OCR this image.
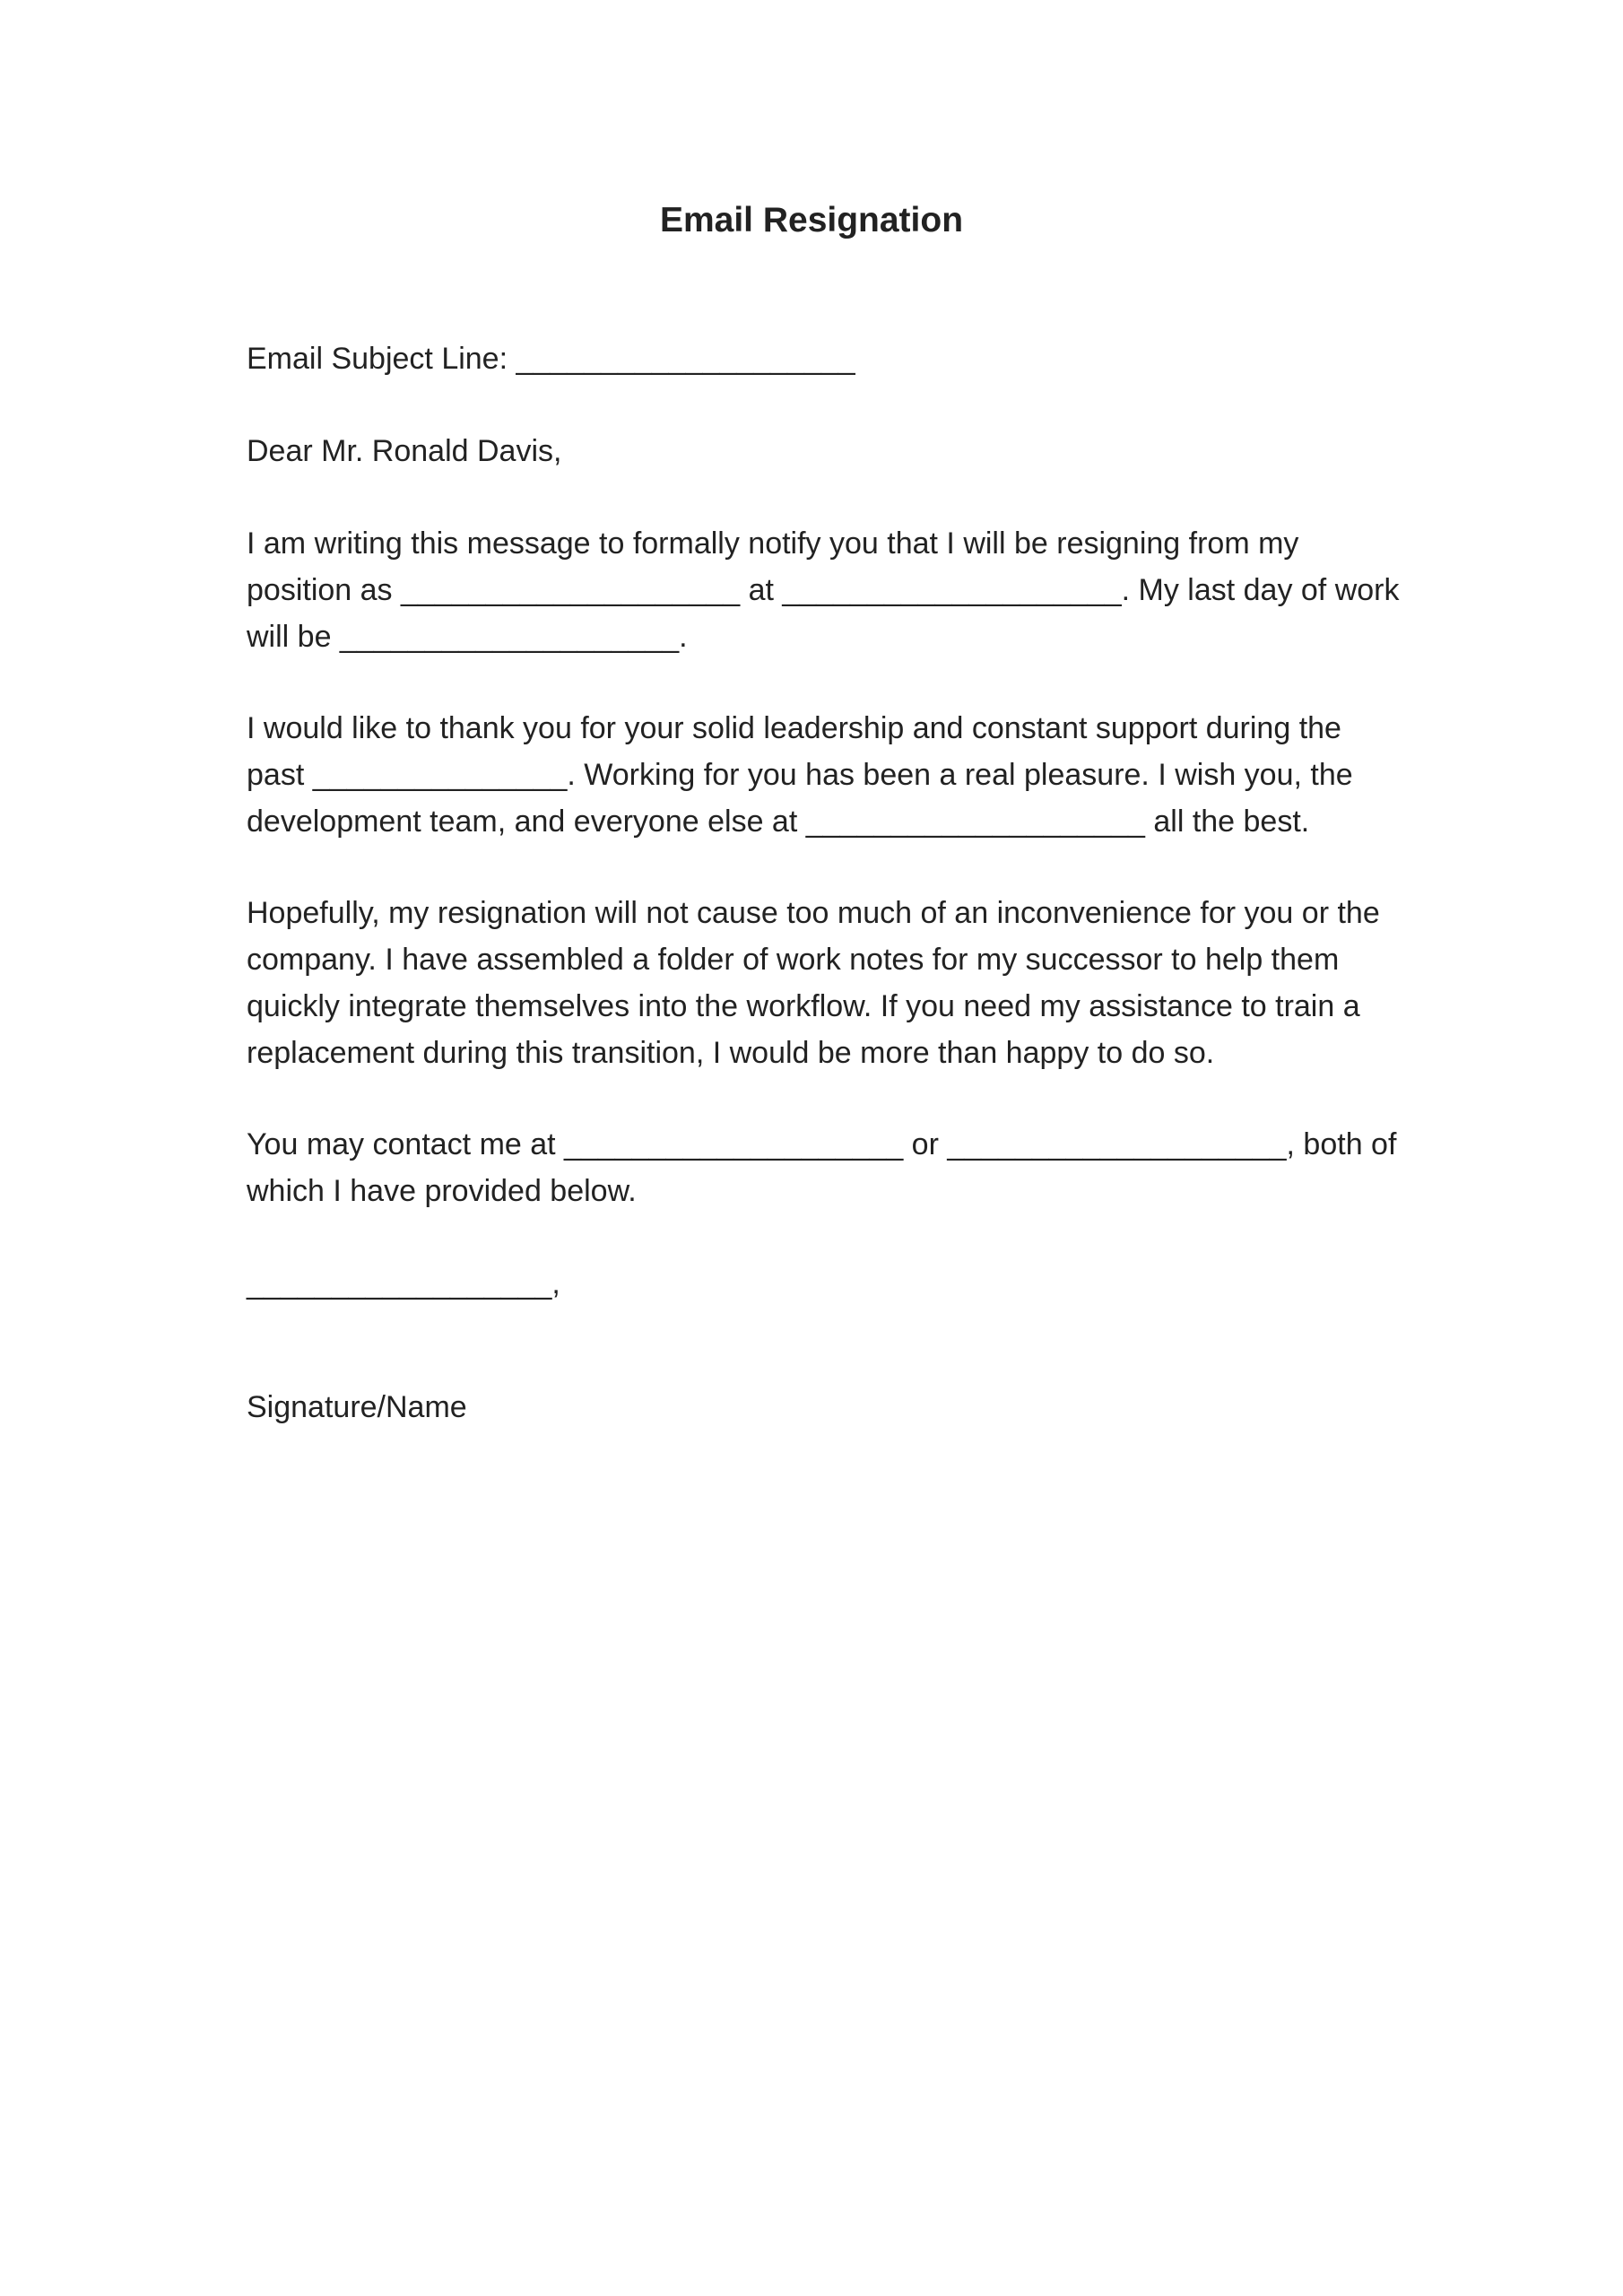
Email Resignation

Email Subject Line: ____________________

Dear Mr. Ronald Davis,

I am writing this message to formally notify you that I will be resigning from my
position as ____________________ at ____________________. My last day of work
will be ____________________.

I would like to thank you for your solid leadership and constant support during the
past _______________. Working for you has been a real pleasure. I wish you, the
development team, and everyone else at ____________________ all the best.

Hopefully, my resignation will not cause too much of an inconvenience for you or the
company. I have assembled a folder of work notes for my successor to help them
quickly integrate themselves into the workflow. If you need my assistance to train a
replacement during this transition, I would be more than happy to do so.

You may contact me at ____________________ or ____________________, both of
which I have provided below.

__________________,

Signature/Name
